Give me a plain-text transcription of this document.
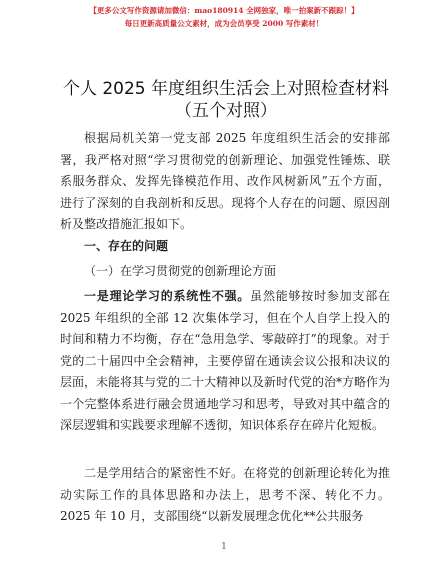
【更多公文写作资源请加微信：mao180914 全网独家，唯一拍案新不跟踪！】
每日更新高质量公文素材，成为会员享受 2000 写作素材！
个人 2025 年度组织生活会上对照检查材料（五个对照）
根据局机关第一党支部 2025 年度组织生活会的安排部署，我严格对照“学习贯彻党的创新理论、加强党性锤炼、联系服务群众、发挥先锋模范作用、改作风树新风”五个方面，进行了深刻的自我剖析和反思。现将个人存在的问题、原因剖析及整改措施汇报如下。
一、存在的问题
（一）在学习贯彻党的创新理论方面
一是理论学习的系统性不强。虽然能够按时参加支部在 2025 年组织的全部 12 次集体学习，但在个人自学上投入的时间和精力不均衡，存在“急用急学、零敲碎打”的现象。对于党的二十届四中全会精神，主要停留在通读会议公报和决议的层面，未能将其与党的二十大精神以及新时代党的治*方略作为一个完整体系进行融会贯通地学习和思考，导致对其中蕴含的深层逻辑和实践要求理解不透彻，知识体系存在碎片化短板。
二是学用结合的紧密性不好。在将党的创新理论转化为推动实际工作的具体思路和办法上，思考不深、转化不力。2025 年 10 月，支部围绕“以新发展理念优化**公共服务
1
